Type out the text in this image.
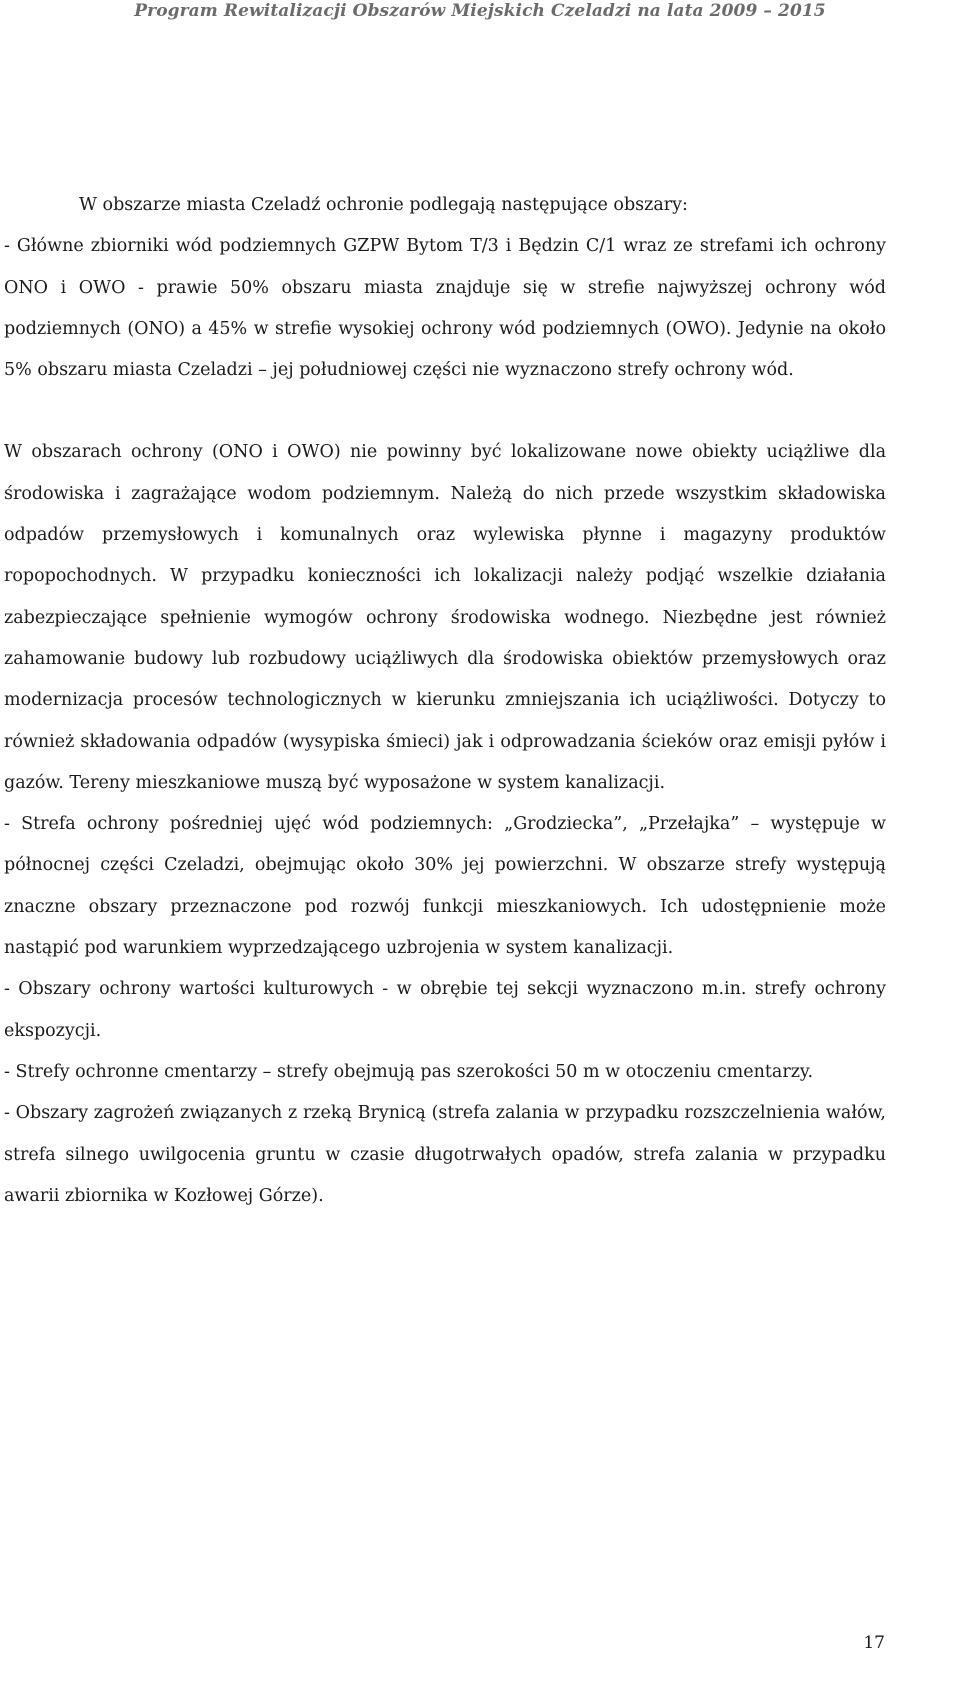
Program Rewitalizacji Obszarów Miejskich Czeladzi na lata 2009 – 2015

W obszarze miasta Czeladź ochronie podlegają następujące obszary:

- Główne zbiorniki wód podziemnych GZPW Bytom T/3 i Będzin C/1 wraz ze strefami ich ochrony ONO i OWO - prawie 50% obszaru miasta znajduje się w strefie najwyższej ochrony wód podziemnych (ONO) a 45% w strefie wysokiej ochrony wód podziemnych (OWO). Jedynie na około 5% obszaru miasta Czeladzi – jej południowej części nie wyznaczono strefy ochrony wód.

W obszarach ochrony (ONO i OWO) nie powinny być lokalizowane nowe obiekty uciążliwe dla środowiska i zagrażające wodom podziemnym. Należą do nich przede wszystkim składowiska odpadów przemysłowych i komunalnych oraz wylewiska płynne i magazyny produktów ropopochodnych. W przypadku konieczności ich lokalizacji należy podjąć wszelkie działania zabezpieczające spełnienie wymogów ochrony środowiska wodnego. Niezbędne jest również zahamowanie budowy lub rozbudowy uciążliwych dla środowiska obiektów przemysłowych oraz modernizacja procesów technologicznych w kierunku zmniejszania ich uciążliwości. Dotyczy to również składowania odpadów (wysypiska śmieci) jak i odprowadzania ścieków oraz emisji pyłów i gazów. Tereny mieszkaniowe muszą być wyposażone w system kanalizacji.

- Strefa ochrony pośredniej ujęć wód podziemnych: „Grodziecka”, „Przełajka” – występuje w północnej części Czeladzi, obejmując około 30% jej powierzchni. W obszarze strefy występują znaczne obszary przeznaczone pod rozwój funkcji mieszkaniowych. Ich udostępnienie może nastąpić pod warunkiem wyprzedzającego uzbrojenia w system kanalizacji.

- Obszary ochrony wartości kulturowych - w obrębie tej sekcji wyznaczono m.in. strefy ochrony ekspozycji.

- Strefy ochronne cmentarzy – strefy obejmują pas szerokości 50 m w otoczeniu cmentarzy.

- Obszary zagrożeń związanych z rzeką Brynicą (strefa zalania w przypadku rozszczelnienia wałów, strefa silnego uwilgocenia gruntu w czasie długotrwałych opadów, strefa zalania w przypadku awarii zbiornika w Kozłowej Górze).

17
